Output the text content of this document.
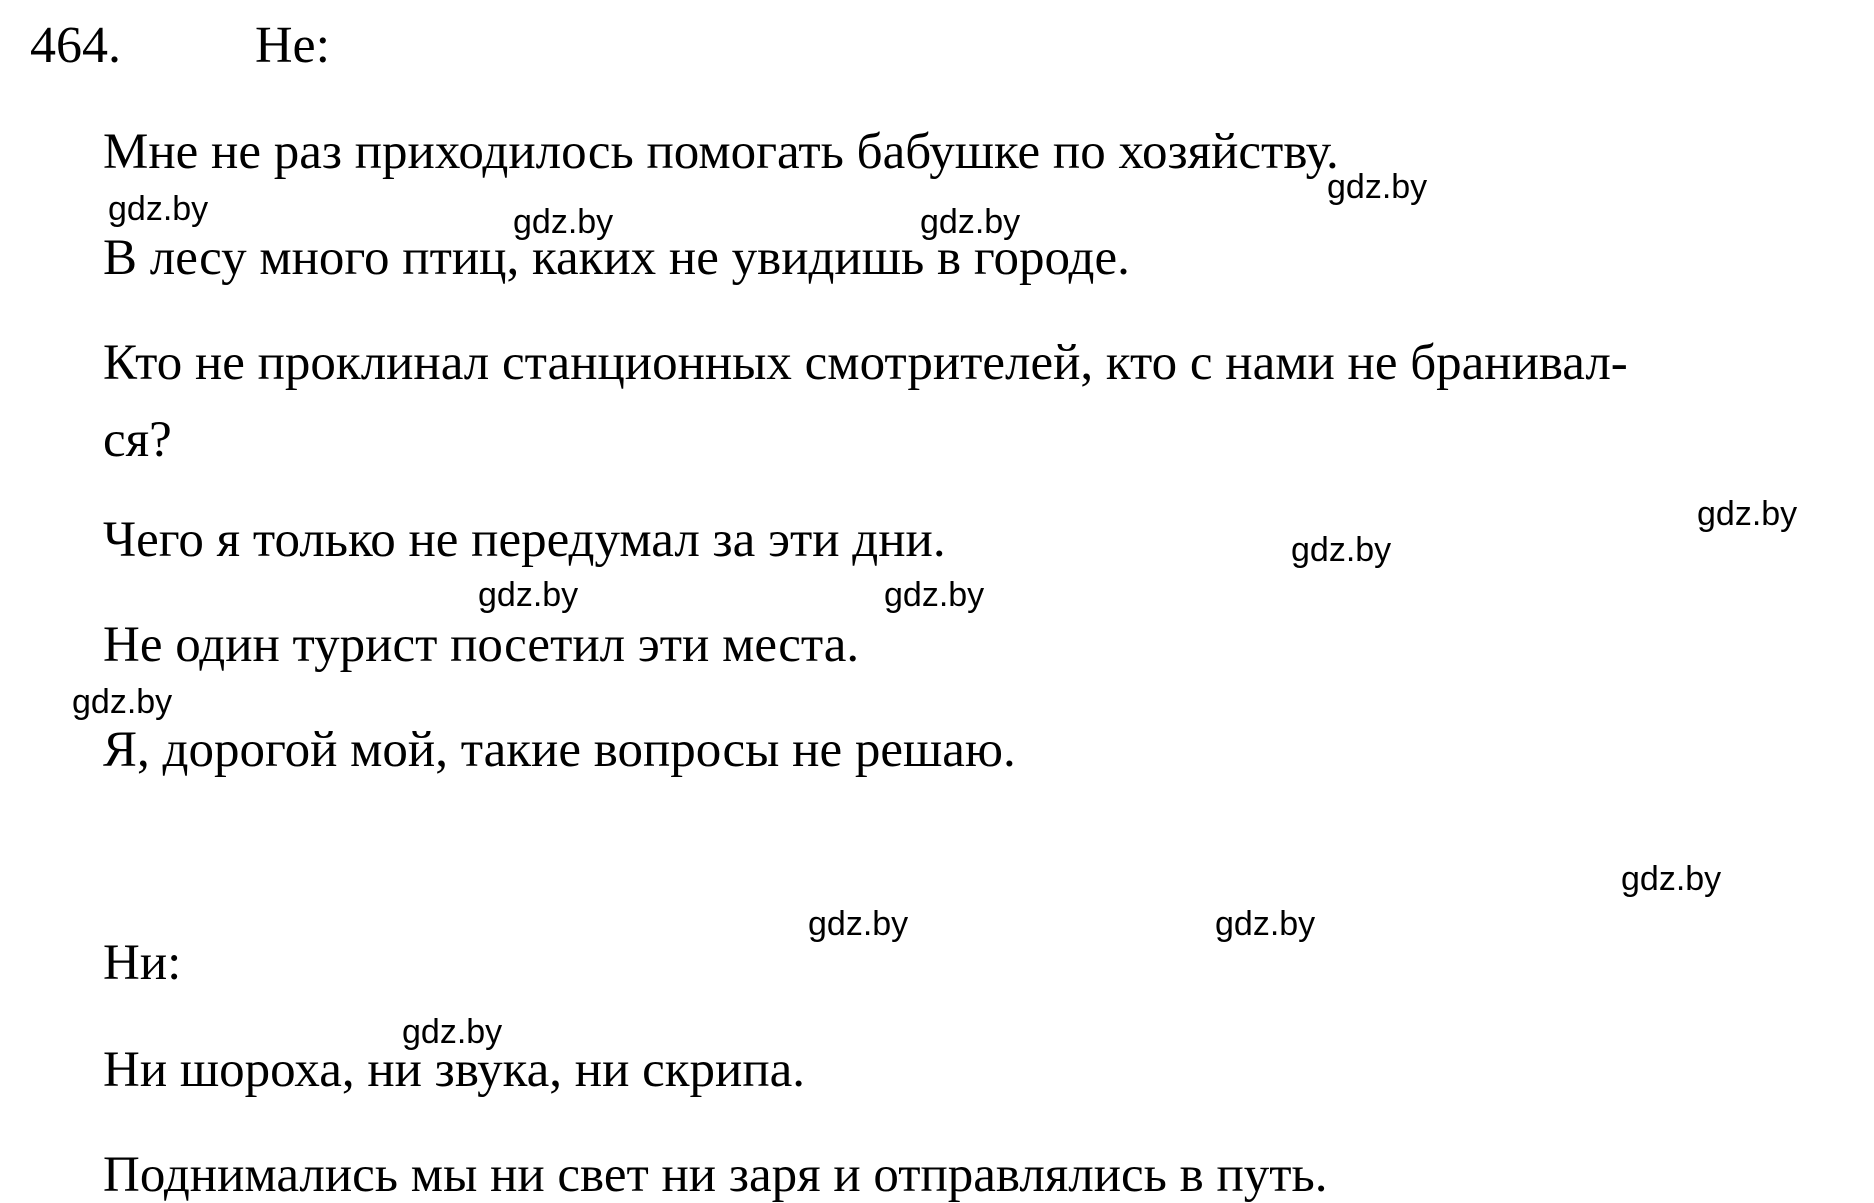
464.	Не:
Мне не раз приходилось помогать бабушке по хозяйству.
В лесу много птиц, каких не увидишь в городе.
Кто не проклинал станционных смотрителей, кто с нами не бранивал-
ся?
Чего я только не передумал за эти дни.
Не один турист посетил эти места.
Я, дорогой мой, такие вопросы не решаю.
Ни:
Ни шороха, ни звука, ни скрипа.
Поднимались мы ни свет ни заря и отправлялись в путь.
gdz.by	gdz.by	gdz.by
gdz.by
gdz.by
gdz.by
gdz.by	gdz.by
gdz.by
gdz.by
gdz.by	gdz.by
gdz.by
